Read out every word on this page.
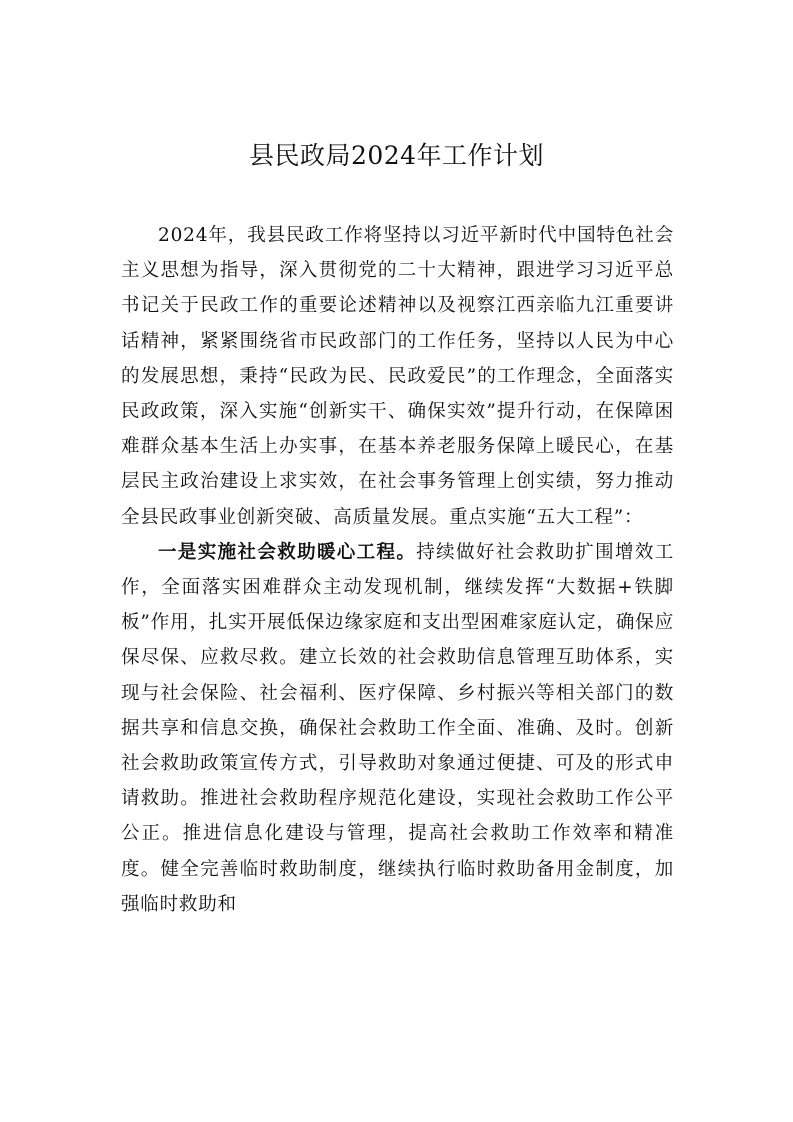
县民政局2024年工作计划

2024年，我县民政工作将坚持以习近平新时代中国特色社会主义思想为指导，深入贯彻党的二十大精神，跟进学习习近平总书记关于民政工作的重要论述精神以及视察江西亲临九江重要讲话精神，紧紧围绕省市民政部门的工作任务，坚持以人民为中心的发展思想，秉持“民政为民、民政爱民”的工作理念，全面落实民政政策，深入实施“创新实干、确保实效”提升行动，在保障困难群众基本生活上办实事，在基本养老服务保障上暖民心，在基层民主政治建设上求实效，在社会事务管理上创实绩，努力推动全县民政事业创新突破、高质量发展。重点实施“五大工程”：

一是实施社会救助暖心工程。持续做好社会救助扩围增效工作，全面落实困难群众主动发现机制，继续发挥“大数据+铁脚板”作用，扎实开展低保边缘家庭和支出型困难家庭认定，确保应保尽保、应救尽救。建立长效的社会救助信息管理互助体系，实现与社会保险、社会福利、医疗保障、乡村振兴等相关部门的数据共享和信息交换，确保社会救助工作全面、准确、及时。创新社会救助政策宣传方式，引导救助对象通过便捷、可及的形式申请救助。推进社会救助程序规范化建设，实现社会救助工作公平公正。推进信息化建设与管理，提高社会救助工作效率和精准度。健全完善临时救助制度，继续执行临时救助备用金制度，加强临时救助和
